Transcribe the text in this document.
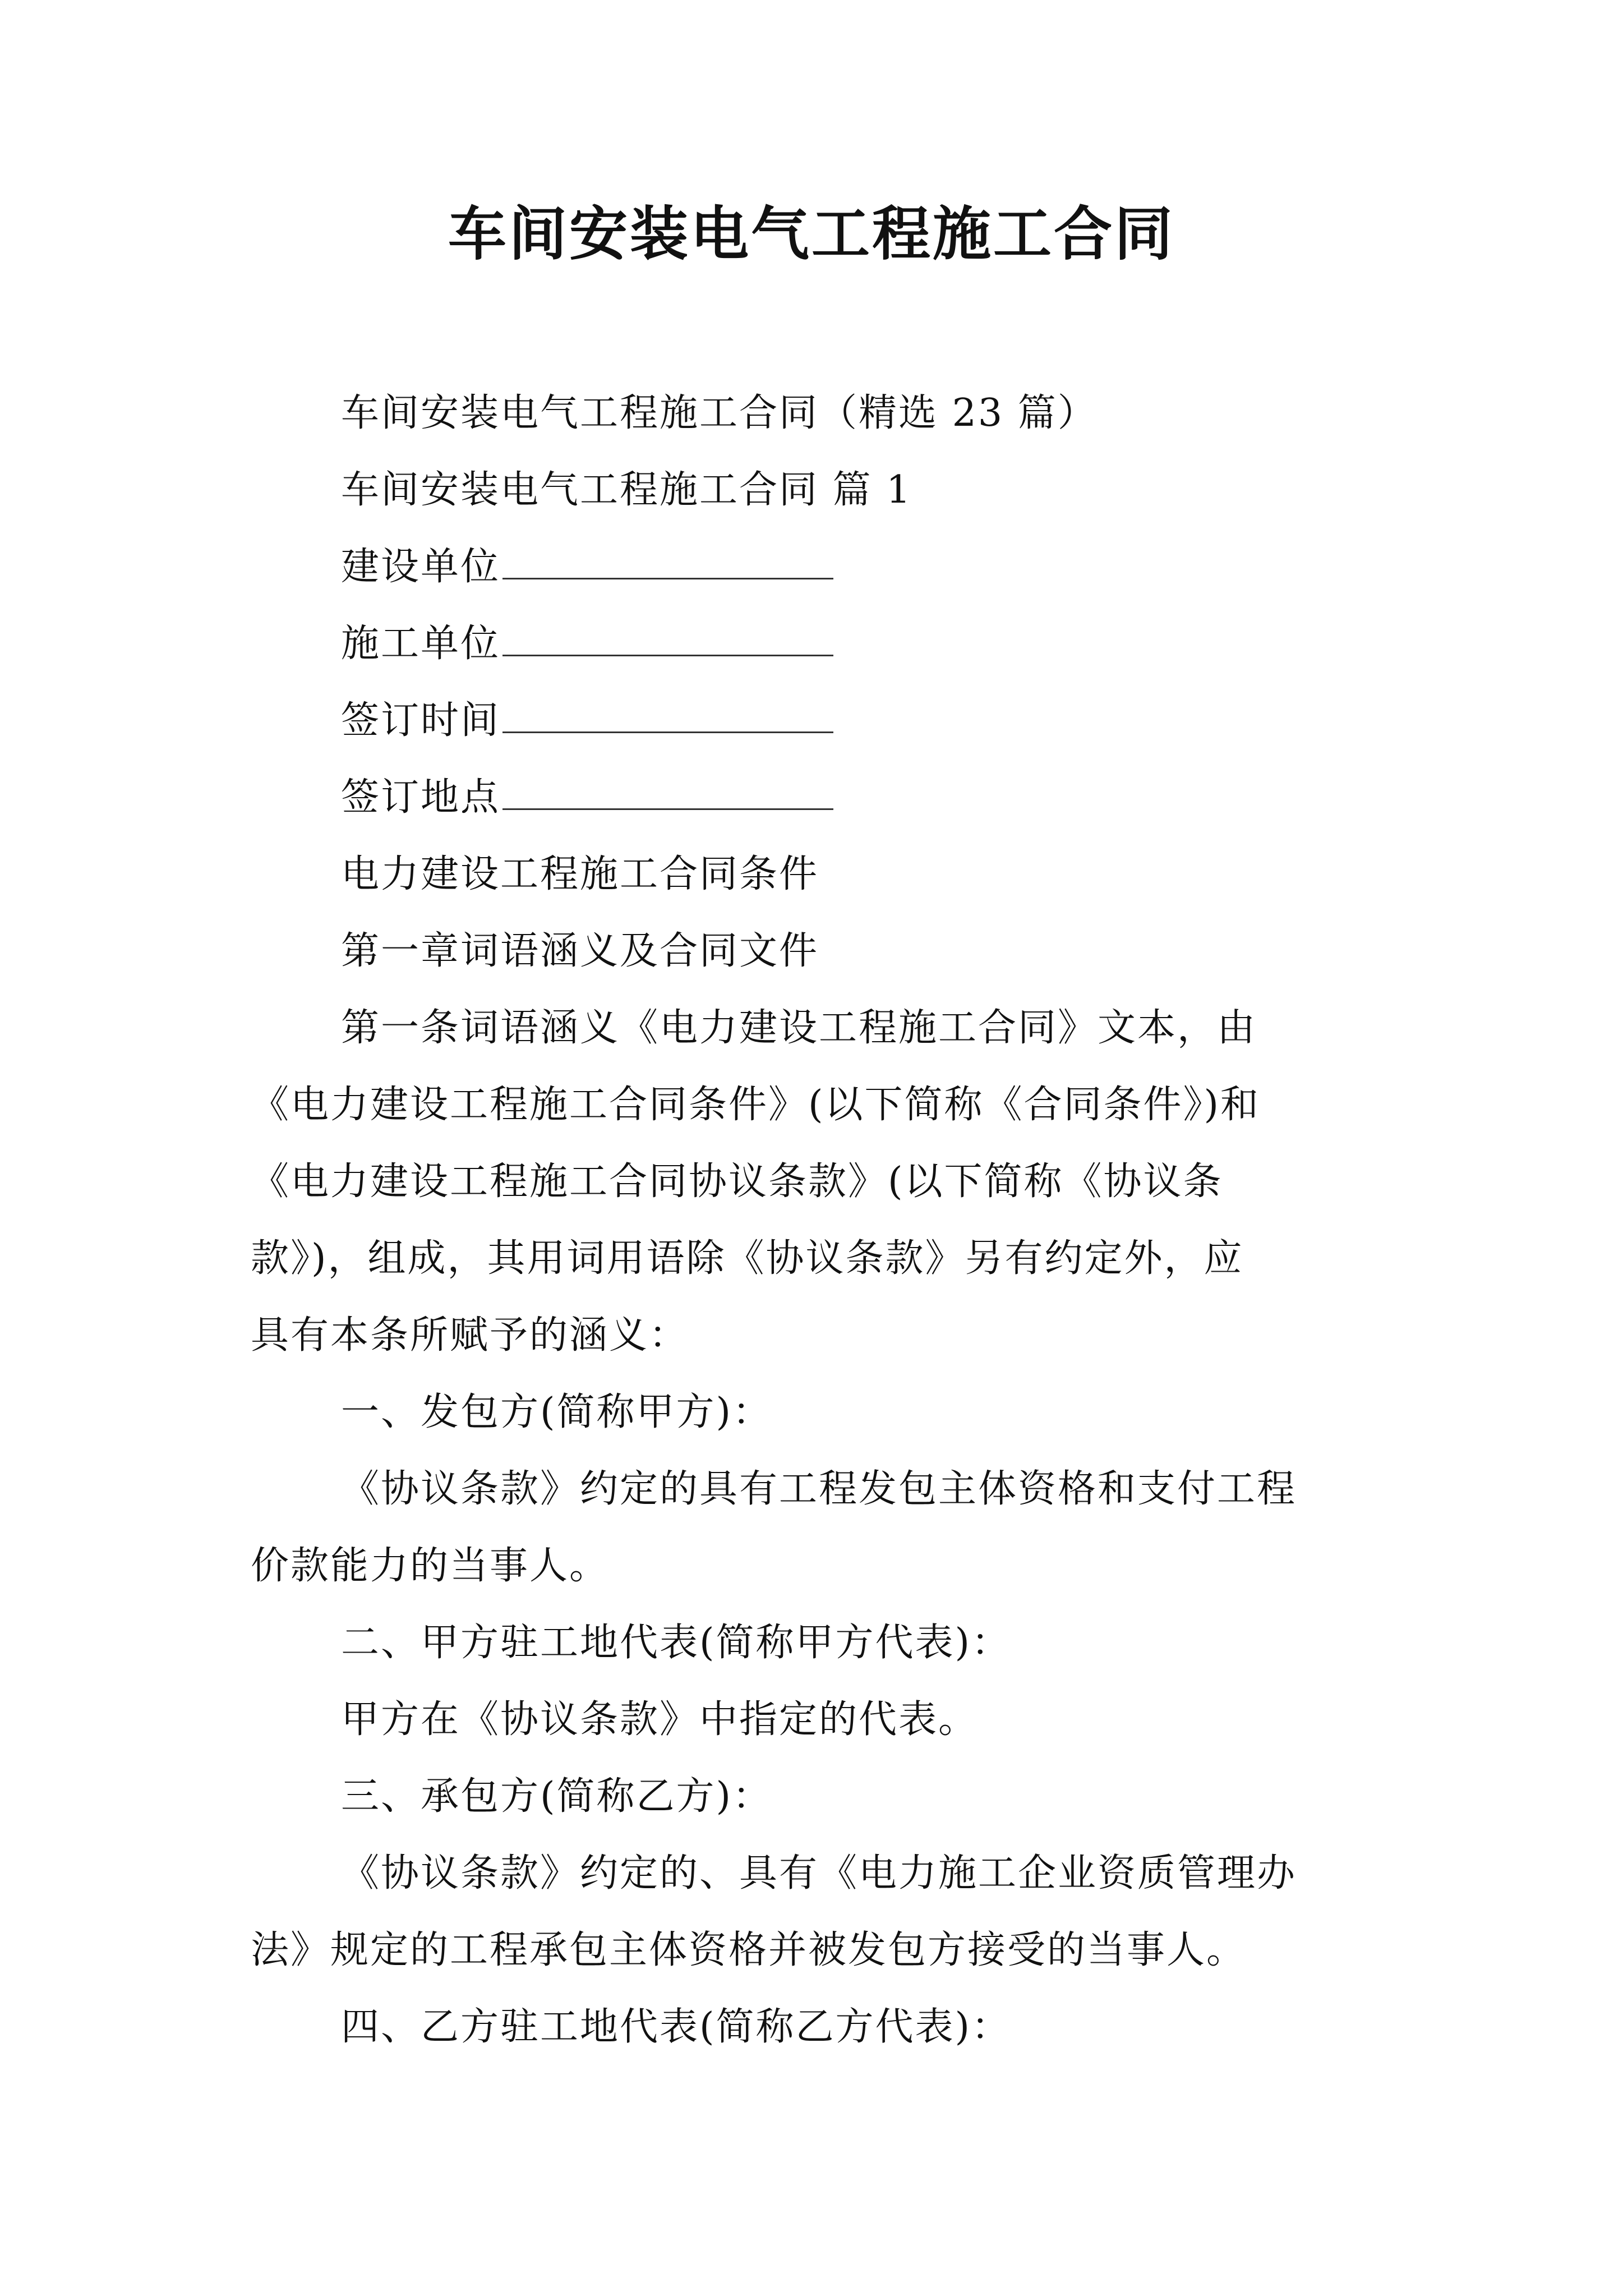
车间安装电气工程施工合同
车间安装电气工程施工合同（精选 23 篇）
车间安装电气工程施工合同 篇 1
建设单位
施工单位
签订时间
签订地点
电力建设工程施工合同条件
第一章词语涵义及合同文件
第一条词语涵义《电力建设工程施工合同》文本，由
《电力建设工程施工合同条件》(以下简称《合同条件》)和
《电力建设工程施工合同协议条款》(以下简称《协议条
款》)，组成，其用词用语除《协议条款》另有约定外，应
具有本条所赋予的涵义：
一、发包方(简称甲方)：
《协议条款》约定的具有工程发包主体资格和支付工程
价款能力的当事人。
二、甲方驻工地代表(简称甲方代表)：
甲方在《协议条款》中指定的代表。
三、承包方(简称乙方)：
《协议条款》约定的、具有《电力施工企业资质管理办
法》规定的工程承包主体资格并被发包方接受的当事人。
四、乙方驻工地代表(简称乙方代表)：
